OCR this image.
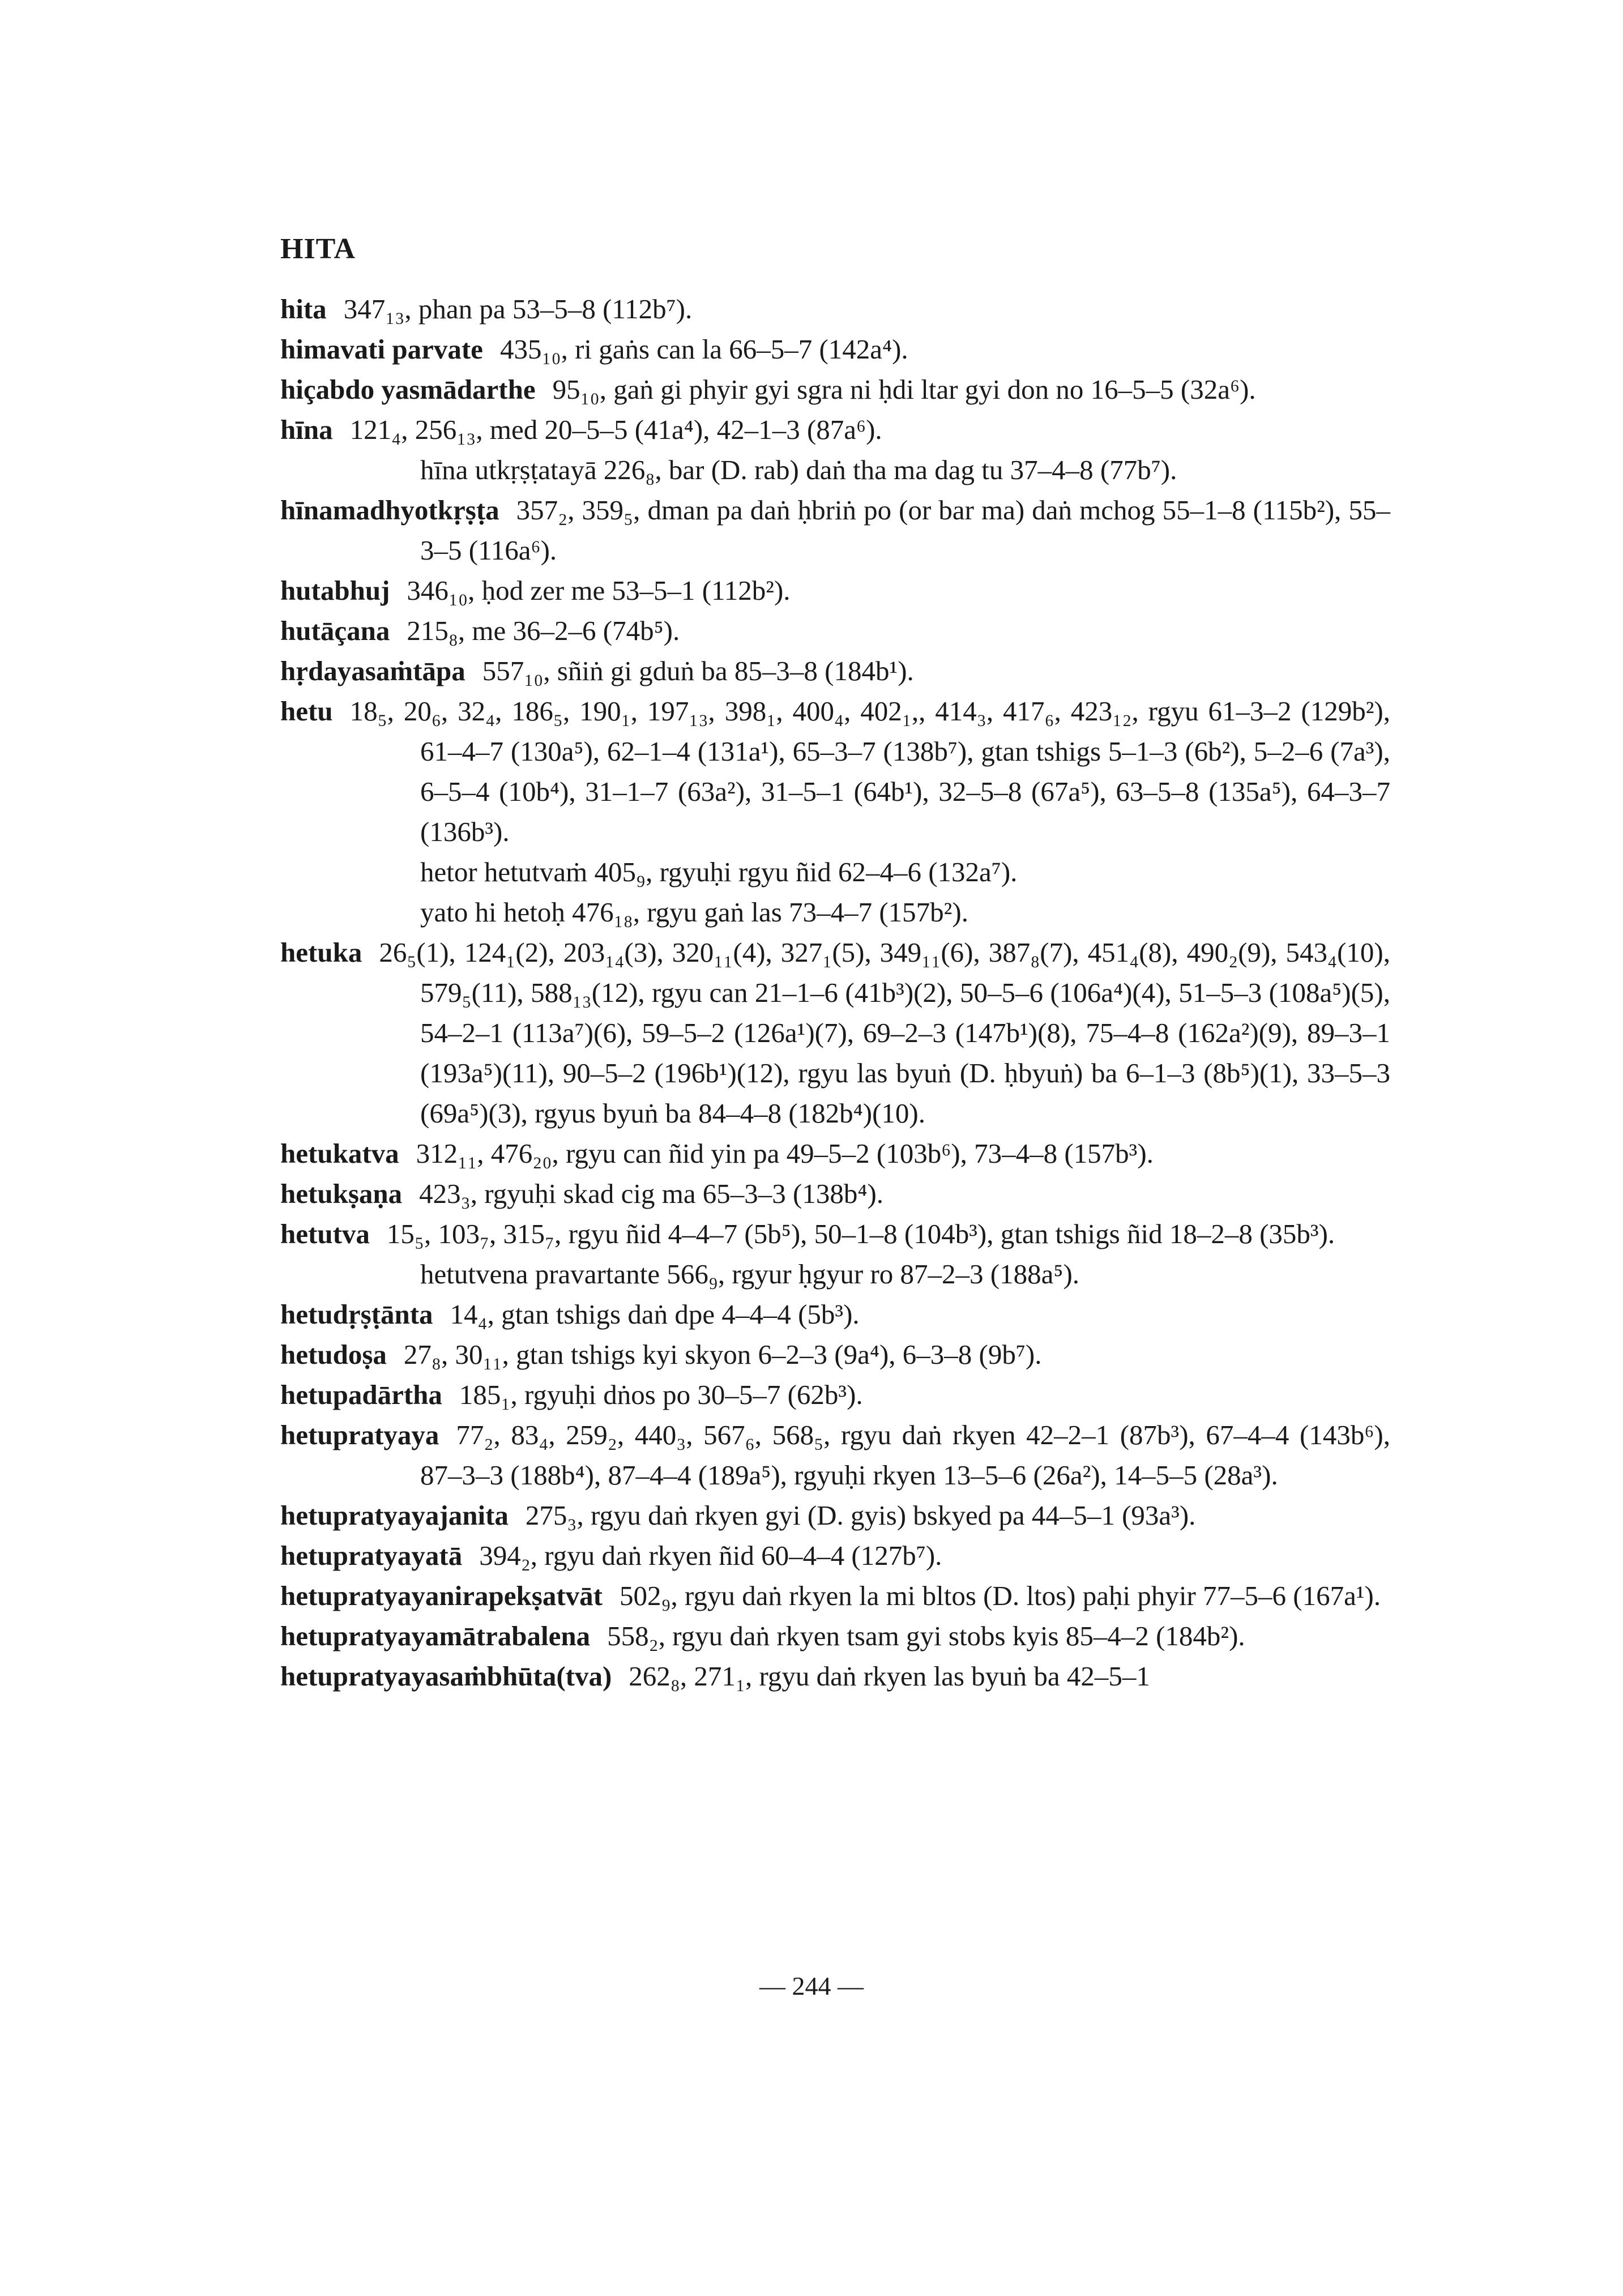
HITA

hita 347₁₃, phan pa 53–5–8 (112b⁷).

himavati parvate 435₁₀, ri gaṅs can la 66–5–7 (142a⁴).

hiçabdo yasmādarthe 95₁₀, gaṅ gi phyir gyi sgra ni ḥdi ltar gyi don no 16–5–5 (32a⁶).

hīna 121₄, 256₁₃, med 20–5–5 (41a⁴), 42–1–3 (87a⁶).

hīna utkṛṣṭatayā 226₈, bar (D. rab) daṅ tha ma dag tu 37–4–8 (77b⁷).

hīnamadhyotkṛṣṭa 357₂, 359₅, dman pa daṅ ḥbriṅ po (or bar ma) daṅ mchog 55–1–8 (115b²), 55–3–5 (116a⁶).

hutabhuj 346₁₀, ḥod zer me 53–5–1 (112b²).

hutāçana 215₈, me 36–2–6 (74b⁵).

hṛdayasaṁtāpa 557₁₀, sñiṅ gi gduṅ ba 85–3–8 (184b¹).

hetu 18₅, 20₆, 32₄, 186₅, 190₁, 197₁₃, 398₁, 400₄, 402₁,, 414₃, 417₆, 423₁₂, rgyu 61–3–2 (129b²), 61–4–7 (130a⁵), 62–1–4 (131a¹), 65–3–7 (138b⁷), gtan tshigs 5–1–3 (6b²), 5–2–6 (7a³), 6–5–4 (10b⁴), 31–1–7 (63a²), 31–5–1 (64b¹), 32–5–8 (67a⁵), 63–5–8 (135a⁵), 64–3–7 (136b³).

hetor hetutvaṁ 405₉, rgyuḥi rgyu ñid 62–4–6 (132a⁷).

yato hi hetoḥ 476₁₈, rgyu gaṅ las 73–4–7 (157b²).

hetuka 26₅(1), 124₁(2), 203₁₄(3), 320₁₁(4), 327₁(5), 349₁₁(6), 387₈(7), 451₄(8), 490₂(9), 543₄(10), 579₅(11), 588₁₃(12), rgyu can 21–1–6 (41b³)(2), 50–5–6 (106a⁴)(4), 51–5–3 (108a⁵)(5), 54–2–1 (113a⁷)(6), 59–5–2 (126a¹)(7), 69–2–3 (147b¹)(8), 75–4–8 (162a²)(9), 89–3–1 (193a⁵)(11), 90–5–2 (196b¹)(12), rgyu las byuṅ (D. ḥbyuṅ) ba 6–1–3 (8b⁵)(1), 33–5–3 (69a⁵)(3), rgyus byuṅ ba 84–4–8 (182b⁴)(10).

hetukatva 312₁₁, 476₂₀, rgyu can ñid yin pa 49–5–2 (103b⁶), 73–4–8 (157b³).

hetukṣaṇa 423₃, rgyuḥi skad cig ma 65–3–3 (138b⁴).

hetutva 15₅, 103₇, 315₇, rgyu ñid 4–4–7 (5b⁵), 50–1–8 (104b³), gtan tshigs ñid 18–2–8 (35b³).

hetutvena pravartante 566₉, rgyur ḥgyur ro 87–2–3 (188a⁵).

hetudṛṣṭānta 14₄, gtan tshigs daṅ dpe 4–4–4 (5b³).

hetudoṣa 27₈, 30₁₁, gtan tshigs kyi skyon 6–2–3 (9a⁴), 6–3–8 (9b⁷).

hetupadārtha 185₁, rgyuḥi dṅos po 30–5–7 (62b³).

hetupratyaya 77₂, 83₄, 259₂, 440₃, 567₆, 568₅, rgyu daṅ rkyen 42–2–1 (87b³), 67–4–4 (143b⁶), 87–3–3 (188b⁴), 87–4–4 (189a⁵), rgyuḥi rkyen 13–5–6 (26a²), 14–5–5 (28a³).

hetupratyayajanita 275₃, rgyu daṅ rkyen gyi (D. gyis) bskyed pa 44–5–1 (93a³).

hetupratyayatā 394₂, rgyu daṅ rkyen ñid 60–4–4 (127b⁷).

hetupratyayanirapekṣatvāt 502₉, rgyu daṅ rkyen la mi bltos (D. ltos) paḥi phyir 77–5–6 (167a¹).

hetupratyayamātrabalena 558₂, rgyu daṅ rkyen tsam gyi stobs kyis 85–4–2 (184b²).

hetupratyayasaṁbhūta(tva) 262₈, 271₁, rgyu daṅ rkyen las byuṅ ba 42–5–1

— 244 —
